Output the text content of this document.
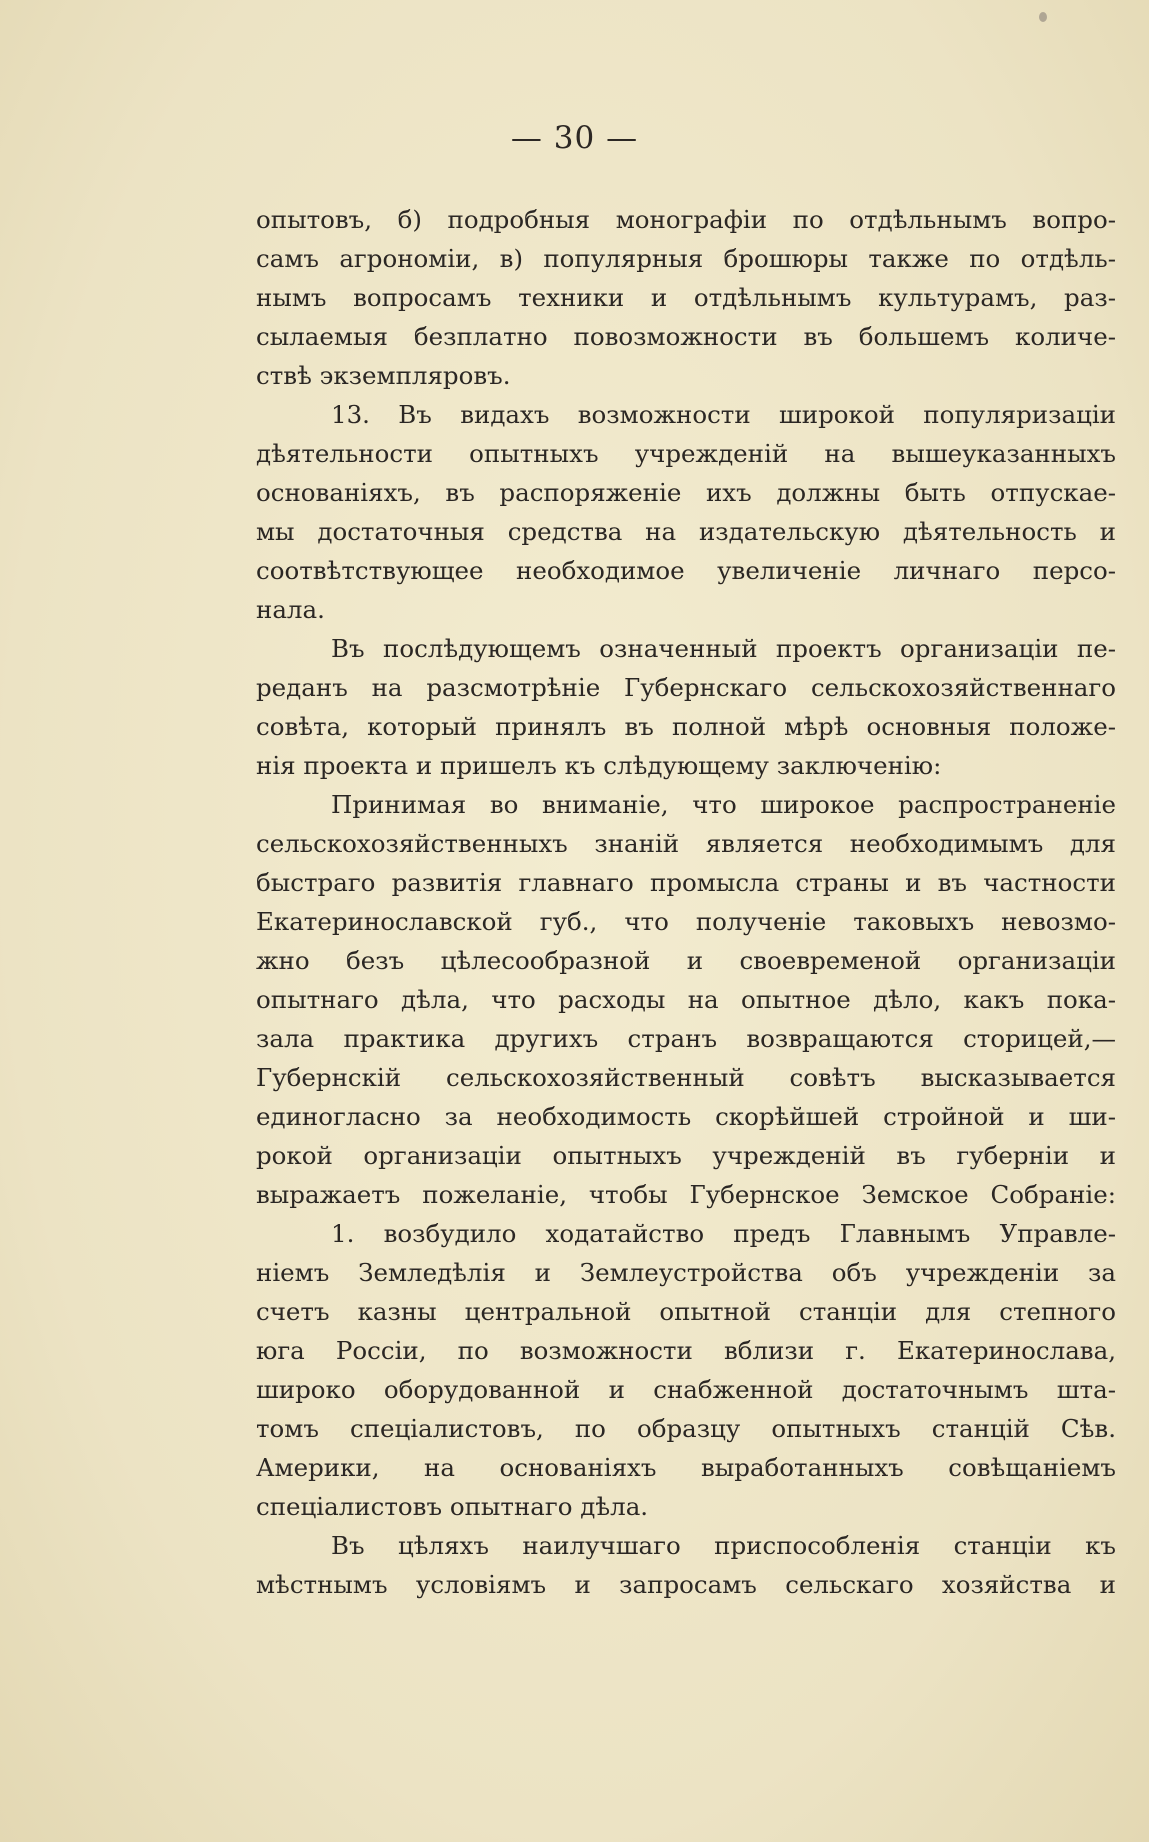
— 30 —
опытовъ, б) подробныя монографіи по отдѣльнымъ вопро-
самъ агрономіи, в) популярныя брошюры также по отдѣль-
нымъ вопросамъ техники и отдѣльнымъ культурамъ, раз-
сылаемыя безплатно повозможности въ большемъ количе-
ствѣ экземпляровъ.
13. Въ видахъ возможности широкой популяризаціи
дѣятельности опытныхъ учрежденій на вышеуказанныхъ
основаніяхъ, въ распоряженіе ихъ должны быть отпускае-
мы достаточныя средства на издательскую дѣятельность и
соотвѣтствующее необходимое увеличеніе личнаго персо-
нала.
Въ послѣдующемъ означенный проектъ организаціи пе-
реданъ на разсмотрѣніе Губернскаго сельскохозяйственнаго
совѣта, который принялъ въ полной мѣрѣ основныя положе-
нія проекта и пришелъ къ слѣдующему заключенію:
Принимая во вниманіе, что широкое распространеніе
сельскохозяйственныхъ знаній является необходимымъ для
быстраго развитія главнаго промысла страны и въ частности
Екатеринославской губ., что полученіе таковыхъ невозмо-
жно безъ цѣлесообразной и своевременой организаціи
опытнаго дѣла, что расходы на опытное дѣло, какъ пока-
зала практика другихъ странъ возвращаются сторицей,—
Губернскій сельскохозяйственный совѣтъ высказывается
единогласно за необходимость скорѣйшей стройной и ши-
рокой организаціи опытныхъ учрежденій въ губерніи и
выражаетъ пожеланіе, чтобы Губернское Земское Собраніе:
1. возбудило ходатайство предъ Главнымъ Управле-
ніемъ Земледѣлія и Землеустройства объ учрежденіи за
счетъ казны центральной опытной станціи для степного
юга Россіи, по возможности вблизи г. Екатеринослава,
широко оборудованной и снабженной достаточнымъ шта-
томъ спеціалистовъ, по образцу опытныхъ станцій Сѣв.
Америки, на основаніяхъ выработанныхъ совѣщаніемъ
спеціалистовъ опытнаго дѣла.
Въ цѣляхъ наилучшаго приспособленія станціи къ
мѣстнымъ условіямъ и запросамъ сельскаго хозяйства и
